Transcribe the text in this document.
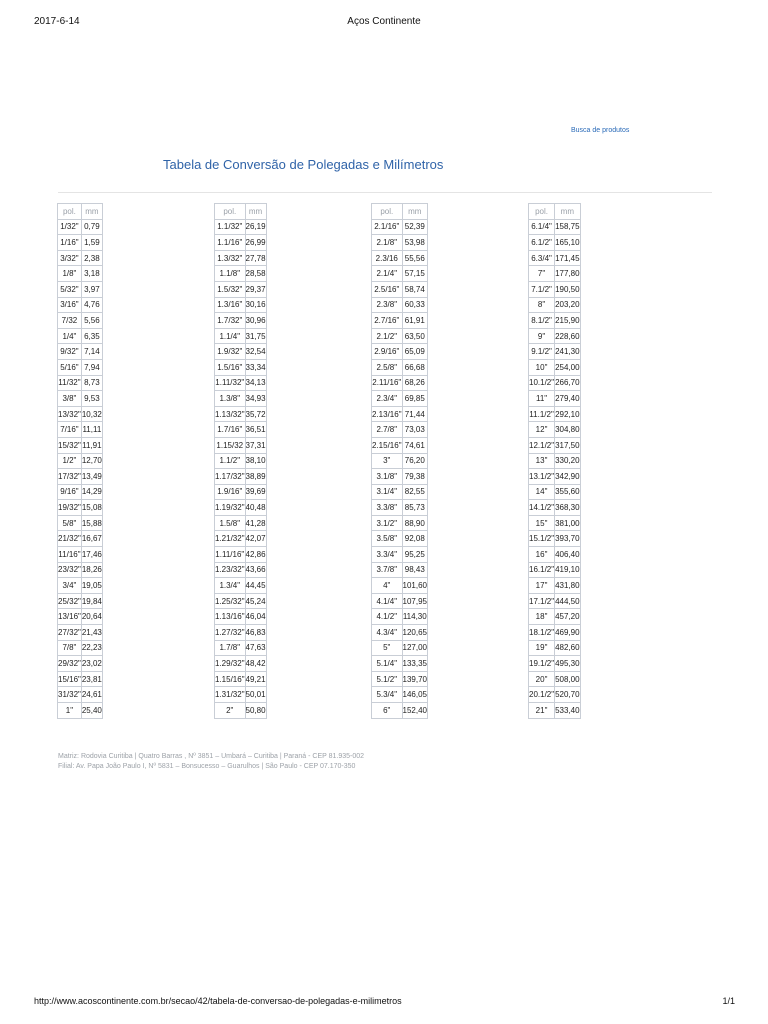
2017-6-14	Aços Continente
Busca de produtos
Tabela de Conversão de Polegadas e Milímetros
pol.	mm
1/32"	0,79
1/16"	1,59
3/32"	2,38
1/8"	3,18
5/32"	3,97
3/16"	4,76
7/32	5,56
1/4"	6,35
9/32"	7,14
5/16"	7,94
11/32"	8,73
3/8"	9,53
13/32"	10,32
7/16"	11,11
15/32"	11,91
1/2"	12,70
17/32"	13,49
9/16"	14,29
19/32"	15,08
5/8"	15,88
21/32"	16,67
11/16"	17,46
23/32"	18,26
3/4"	19,05
25/32"	19,84
13/16"	20,64
27/32"	21,43
7/8"	22,23
29/32"	23,02
15/16"	23,81
31/32"	24,61
1"	25,40
pol.	mm
1.1/32"	26,19
1.1/16"	26,99
1.3/32"	27,78
1.1/8"	28,58
1.5/32"	29,37
1.3/16"	30,16
1.7/32"	30,96
1.1/4"	31,75
1.9/32"	32,54
1.5/16"	33,34
1.11/32"	34,13
1.3/8"	34,93
1.13/32"	35,72
1.7/16"	36,51
1.15/32	37,31
1.1/2"	38,10
1.17/32"	38,89
1.9/16"	39,69
1.19/32"	40,48
1.5/8"	41,28
1.21/32"	42,07
1.11/16"	42,86
1.23/32"	43,66
1.3/4"	44,45
1.25/32"	45,24
1.13/16"	46,04
1.27/32"	46,83
1.7/8"	47,63
1.29/32"	48,42
1.15/16"	49,21
1.31/32"	50,01
2"	50,80
pol.	mm
2.1/16"	52,39
2.1/8"	53,98
2.3/16	55,56
2.1/4"	57,15
2.5/16"	58,74
2.3/8"	60,33
2.7/16"	61,91
2.1/2"	63,50
2.9/16"	65,09
2.5/8"	66,68
2.11/16"	68,26
2.3/4"	69,85
2.13/16"	71,44
2.7/8"	73,03
2.15/16"	74,61
3"	76,20
3.1/8"	79,38
3.1/4"	82,55
3.3/8"	85,73
3.1/2"	88,90
3.5/8"	92,08
3.3/4"	95,25
3.7/8"	98,43
4"	101,60
4.1/4"	107,95
4.1/2"	114,30
4.3/4"	120,65
5"	127,00
5.1/4"	133,35
5.1/2"	139,70
5.3/4"	146,05
6"	152,40
pol.	mm
6.1/4"	158,75
6.1/2"	165,10
6.3/4"	171,45
7"	177,80
7.1/2"	190,50
8"	203,20
8.1/2"	215,90
9"	228,60
9.1/2"	241,30
10"	254,00
10.1/2"	266,70
11"	279,40
11.1/2"	292,10
12"	304,80
12.1/2"	317,50
13"	330,20
13.1/2"	342,90
14"	355,60
14.1/2"	368,30
15"	381,00
15.1/2"	393,70
16"	406,40
16.1/2"	419,10
17"	431,80
17.1/2"	444,50
18"	457,20
18.1/2"	469,90
19"	482,60
19.1/2"	495,30
20"	508,00
20.1/2"	520,70
21"	533,40
Matriz: Rodovia Curitiba | Quatro Barras , Nº 3851 – Umbará – Curitiba | Paraná - CEP 81.935-002
Filial: Av. Papa João Paulo I, Nº 5831 – Bonsucesso – Guarulhos | São Paulo - CEP 07.170-350
http://www.acoscontinente.com.br/secao/42/tabela-de-conversao-de-polegadas-e-milimetros	1/1
